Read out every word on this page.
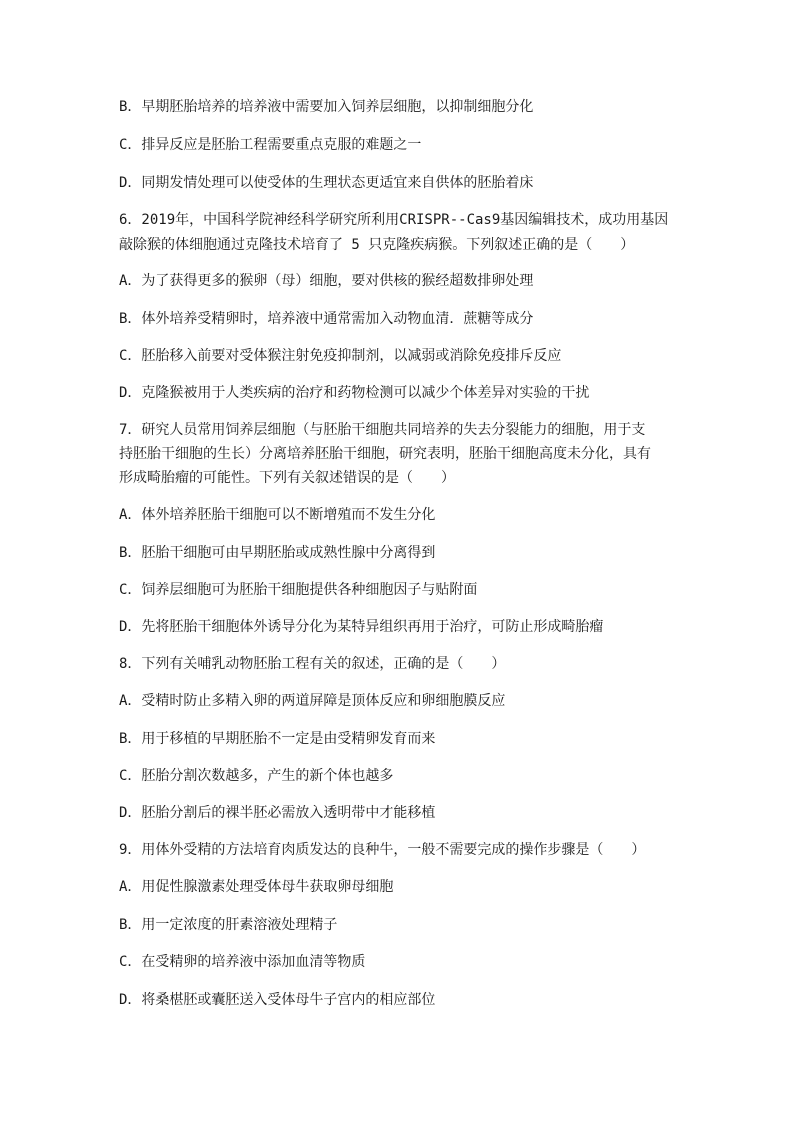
B．早期胚胎培养的培养液中需要加入饲养层细胞，以抑制细胞分化
C．排异反应是胚胎工程需要重点克服的难题之一
D．同期发情处理可以使受体的生理状态更适宜来自供体的胚胎着床
6．2019年，中国科学院神经科学研究所利用CRISPR--Cas9基因编辑技术，成功用基因
敲除猴的体细胞通过克隆技术培育了 5 只克隆疾病猴。下列叙述正确的是（　　）
A．为了获得更多的猴卵（母）细胞，要对供核的猴经超数排卵处理
B．体外培养受精卵时，培养液中通常需加入动物血清．蔗糖等成分
C．胚胎移入前要对受体猴注射免疫抑制剂，以减弱或消除免疫排斥反应
D．克隆猴被用于人类疾病的治疗和药物检测可以减少个体差异对实验的干扰
7．研究人员常用饲养层细胞（与胚胎干细胞共同培养的失去分裂能力的细胞，用于支
持胚胎干细胞的生长）分离培养胚胎干细胞，研究表明，胚胎干细胞高度未分化，具有
形成畸胎瘤的可能性。下列有关叙述错误的是（　　）
A．体外培养胚胎干细胞可以不断增殖而不发生分化
B．胚胎干细胞可由早期胚胎或成熟性腺中分离得到
C．饲养层细胞可为胚胎干细胞提供各种细胞因子与贴附面
D．先将胚胎干细胞体外诱导分化为某特异组织再用于治疗，可防止形成畸胎瘤
8．下列有关哺乳动物胚胎工程有关的叙述，正确的是（　　）
A．受精时防止多精入卵的两道屏障是顶体反应和卵细胞膜反应
B．用于移植的早期胚胎不一定是由受精卵发育而来
C．胚胎分割次数越多，产生的新个体也越多
D．胚胎分割后的裸半胚必需放入透明带中才能移植
9．用体外受精的方法培育肉质发达的良种牛，一般不需要完成的操作步骤是（　　）
A．用促性腺激素处理受体母牛获取卵母细胞
B．用一定浓度的肝素溶液处理精子
C．在受精卵的培养液中添加血清等物质
D．将桑椹胚或囊胚送入受体母牛子宫内的相应部位
